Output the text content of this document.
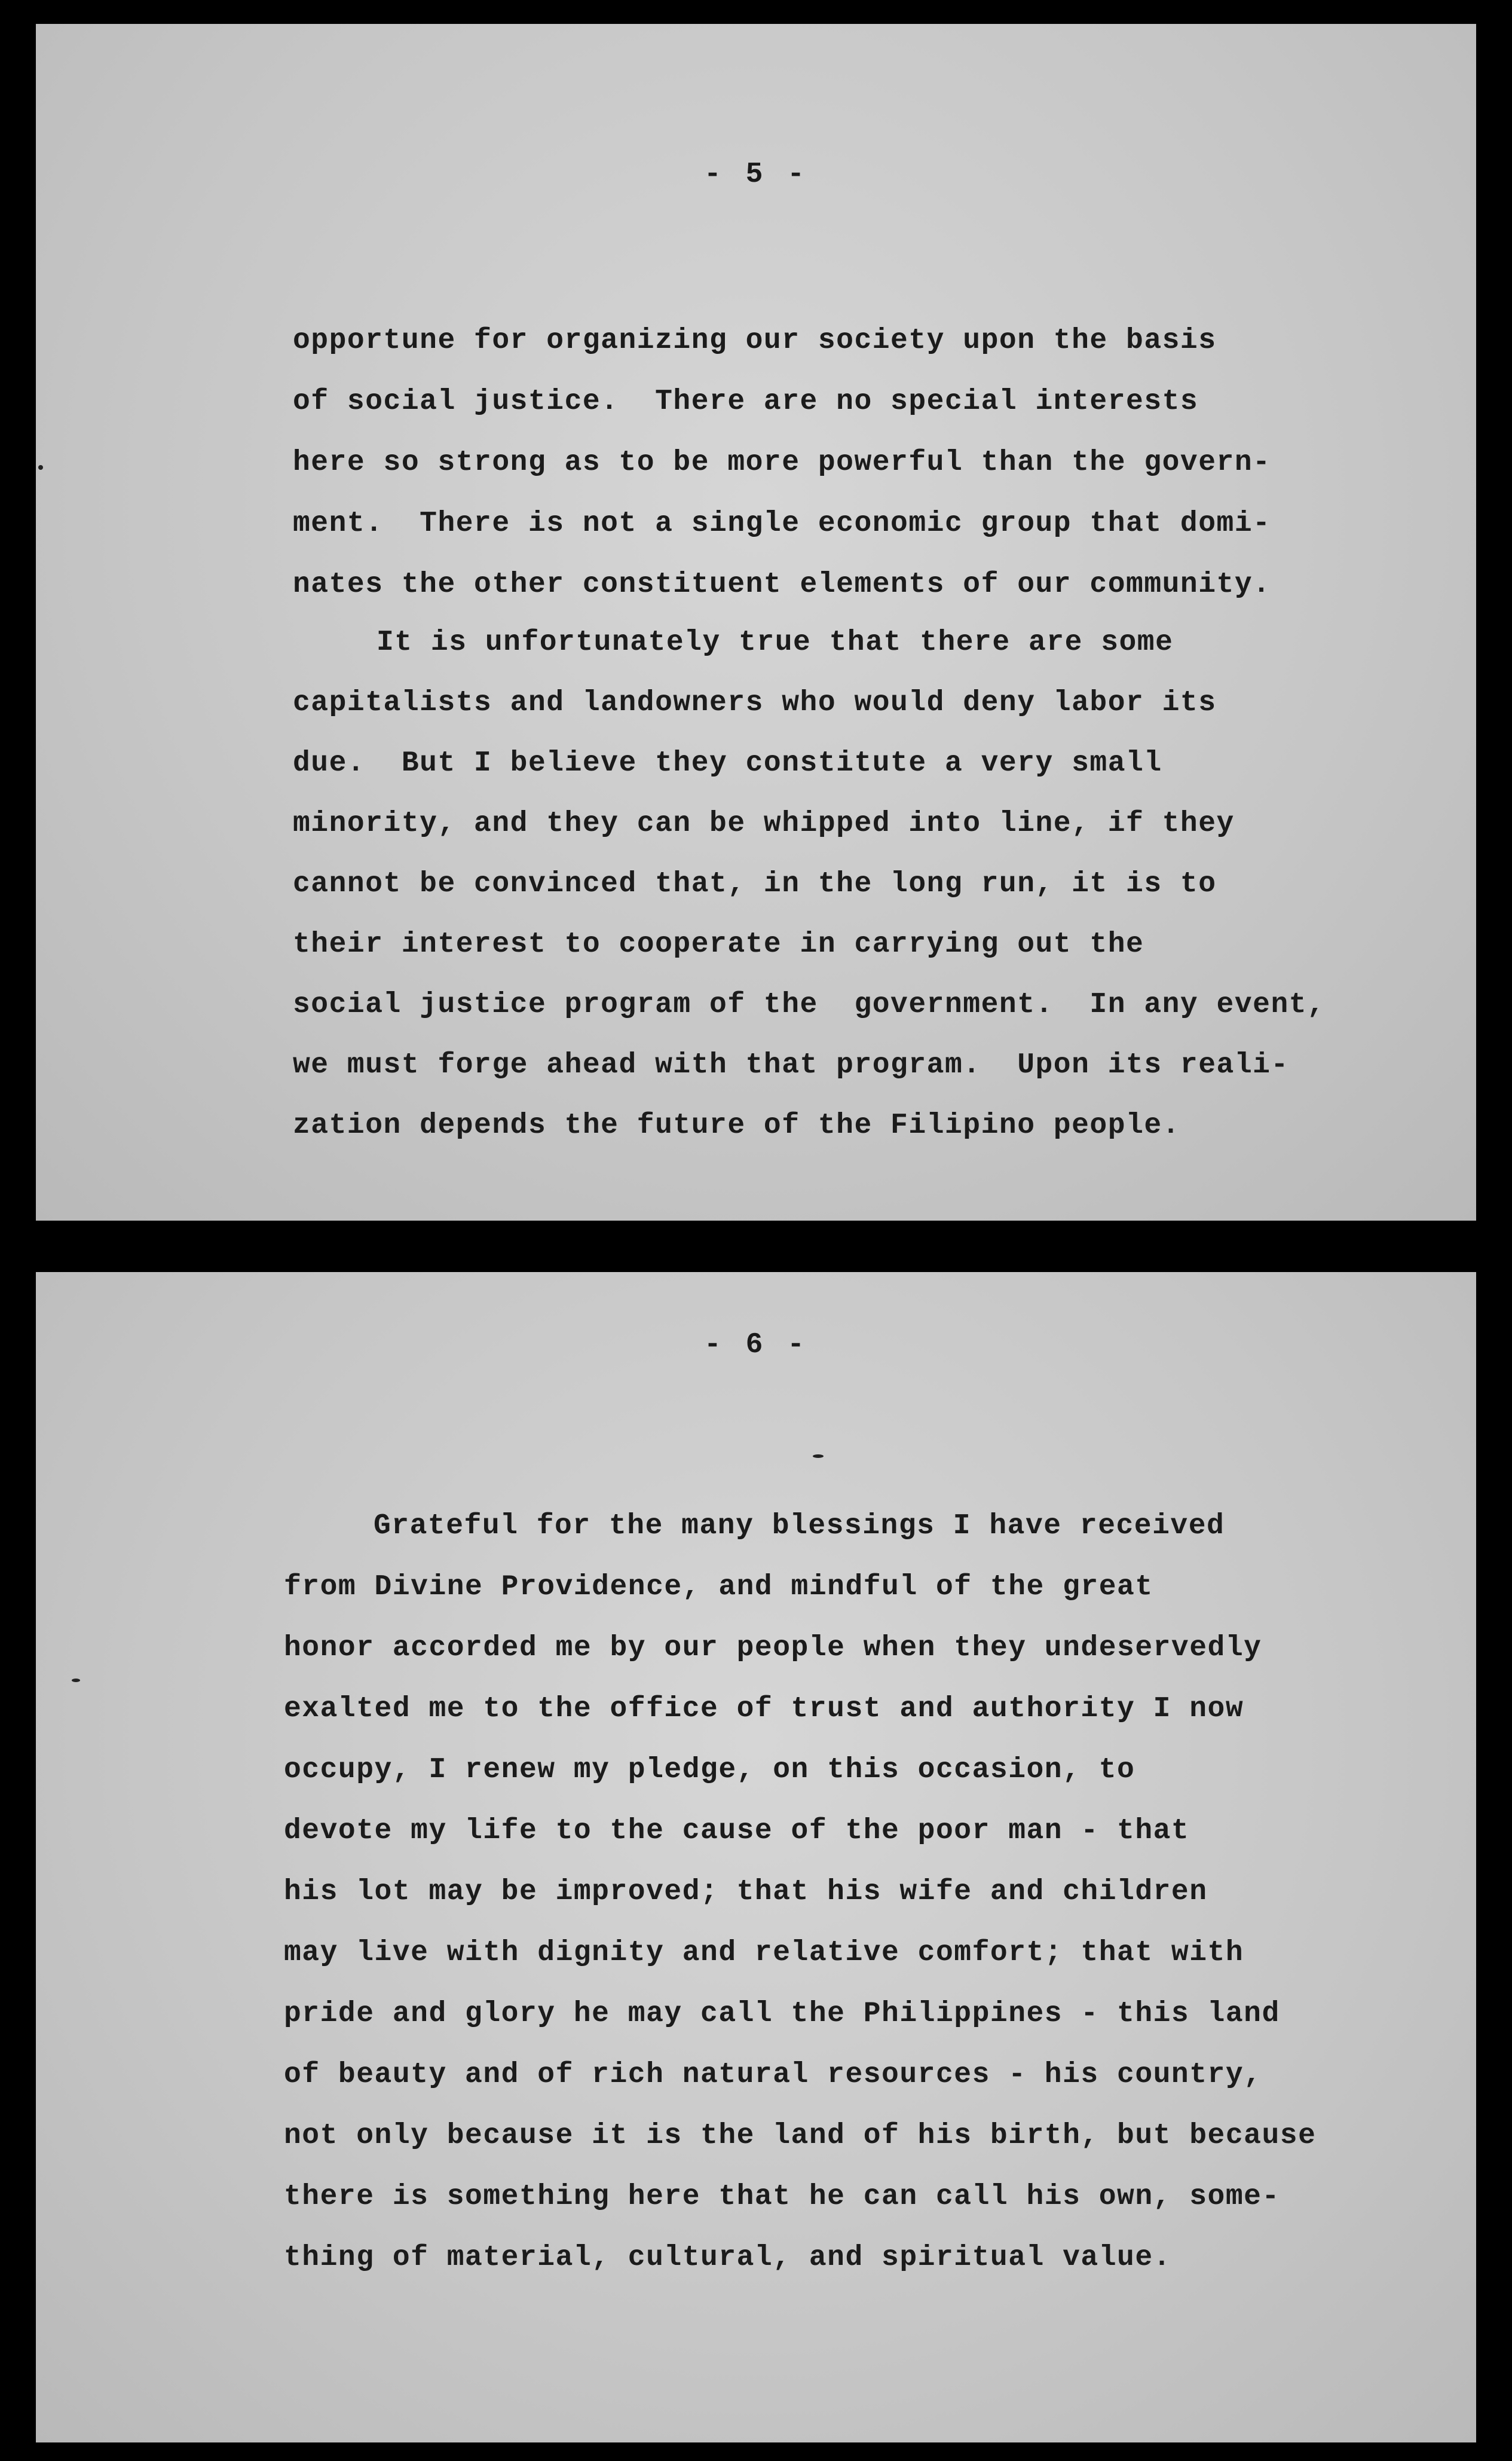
- 5 -
opportune for organizing our society upon the basis
of social justice.  There are no special interests
here so strong as to be more powerful than the govern-
ment.  There is not a single economic group that domi-
nates the other constituent elements of our community.
It is unfortunately true that there are some
capitalists and landowners who would deny labor its
due.  But I believe they constitute a very small
minority, and they can be whipped into line, if they
cannot be convinced that, in the long run, it is to
their interest to cooperate in carrying out the
social justice program of the  government.  In any event,
we must forge ahead with that program.  Upon its reali-
zation depends the future of the Filipino people.
- 6 -
Grateful for the many blessings I have received
from Divine Providence, and mindful of the great
honor accorded me by our people when they undeservedly
exalted me to the office of trust and authority I now
occupy, I renew my pledge, on this occasion, to
devote my life to the cause of the poor man - that
his lot may be improved; that his wife and children
may live with dignity and relative comfort; that with
pride and glory he may call the Philippines - this land
of beauty and of rich natural resources - his country,
not only because it is the land of his birth, but because
there is something here that he can call his own, some-
thing of material, cultural, and spiritual value.
